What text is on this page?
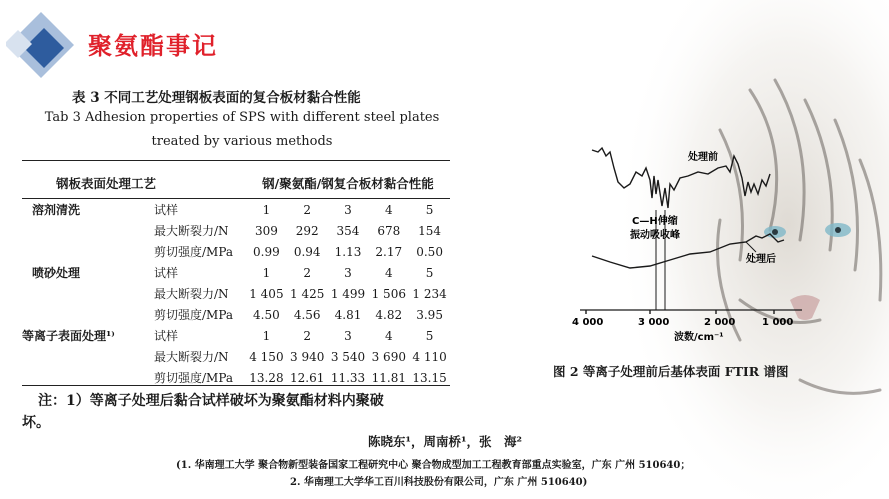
聚氨酯事记
表 3 不同工艺处理钢板表面的复合板材黏合性能
Tab 3 Adhesion properties of SPS with different steel plates
treated by various methods
钢板表面处理工艺		钢/聚氨酯/钢复合板材黏合性能				
溶剂清洗	试样	1	2	3	4	5
	最大断裂力/N	309	292	354	678	154
	剪切强度/MPa	0.99	0.94	1.13	2.17	0.50
喷砂处理	试样	1	2	3	4	5
	最大断裂力/N	1 405	1 425	1 499	1 506	1 234
	剪切强度/MPa	4.50	4.56	4.81	4.82	3.95
等离子表面处理¹⁾	试样	1	2	3	4	5
	最大断裂力/N	4 150	3 940	3 540	3 690	4 110
	剪切强度/MPa	13.28	12.61	11.33	11.81	13.15
注：1）等离子处理后黏合试样破坏为聚氨酯材料内聚破
坏。
4 000	3 000	2 000	1 000
波数/cm⁻¹
处理前
处理后
C—H伸缩
振动吸收峰
图 2 等离子处理前后基体表面 FTIR 谱图
陈晓东¹，周南桥¹，张　海²
(1. 华南理工大学 聚合物新型装备国家工程研究中心 聚合物成型加工工程教育部重点实验室，广东 广州 510640；
2. 华南理工大学华工百川科技股份有限公司，广东 广州 510640)
